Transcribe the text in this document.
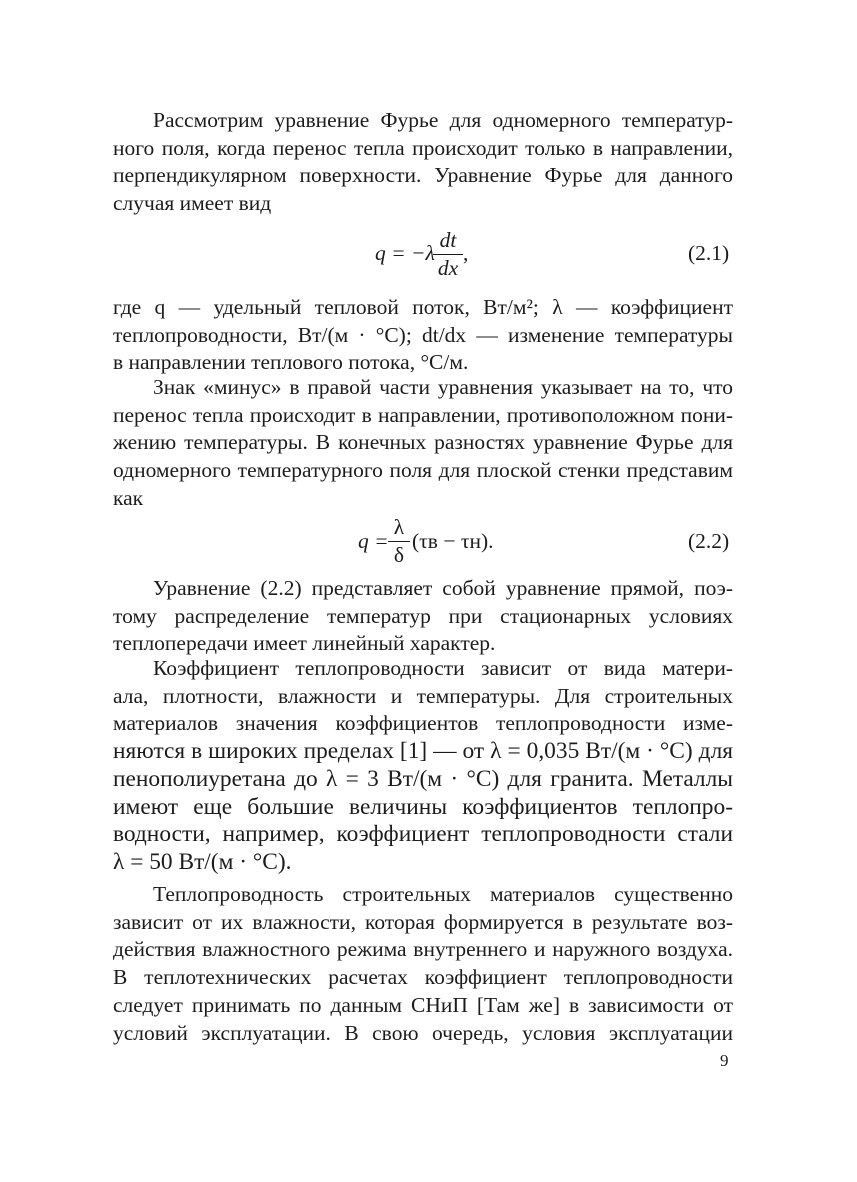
Рассмотрим уравнение Фурье для одномерного температур-
ного поля, когда перенос тепла происходит только в направлении,
перпендикулярном поверхности. Уравнение Фурье для данного
случая имеет вид
q = −λ
dt
dx
,	(2.1)
где q — удельный тепловой поток, Вт/м²; λ — коэффициент
теплопроводности, Вт/(м · °С); dt/dx — изменение температуры
в направлении теплового потока, °С/м.
Знак «минус» в правой части уравнения указывает на то, что
перенос тепла происходит в направлении, противоположном пони-
жению температуры. В конечных разностях уравнение Фурье для
одномерного температурного поля для плоской стенки представим
как
q =
λ
δ
(τв − τн).	(2.2)
Уравнение (2.2) представляет собой уравнение прямой, поэ-
тому распределение температур при стационарных условиях
теплопередачи имеет линейный характер.
Коэффициент теплопроводности зависит от вида матери-
ала, плотности, влажности и температуры. Для строительных
материалов значения коэффициентов теплопроводности изме-
няются в широких пределах [1] — от λ = 0,035 Вт/(м · °С) для
пенополиуретана до λ = 3 Вт/(м · °С) для гранита. Металлы
имеют еще большие величины коэффициентов теплопро-
водности, например, коэффициент теплопроводности стали
λ = 50 Вт/(м · °С).
Теплопроводность строительных материалов существенно
зависит от их влажности, которая формируется в результате воз-
действия влажностного режима внутреннего и наружного воздуха.
В теплотехнических расчетах коэффициент теплопроводности
следует принимать по данным СНиП [Там же] в зависимости от
условий эксплуатации. В свою очередь, условия эксплуатации
9
